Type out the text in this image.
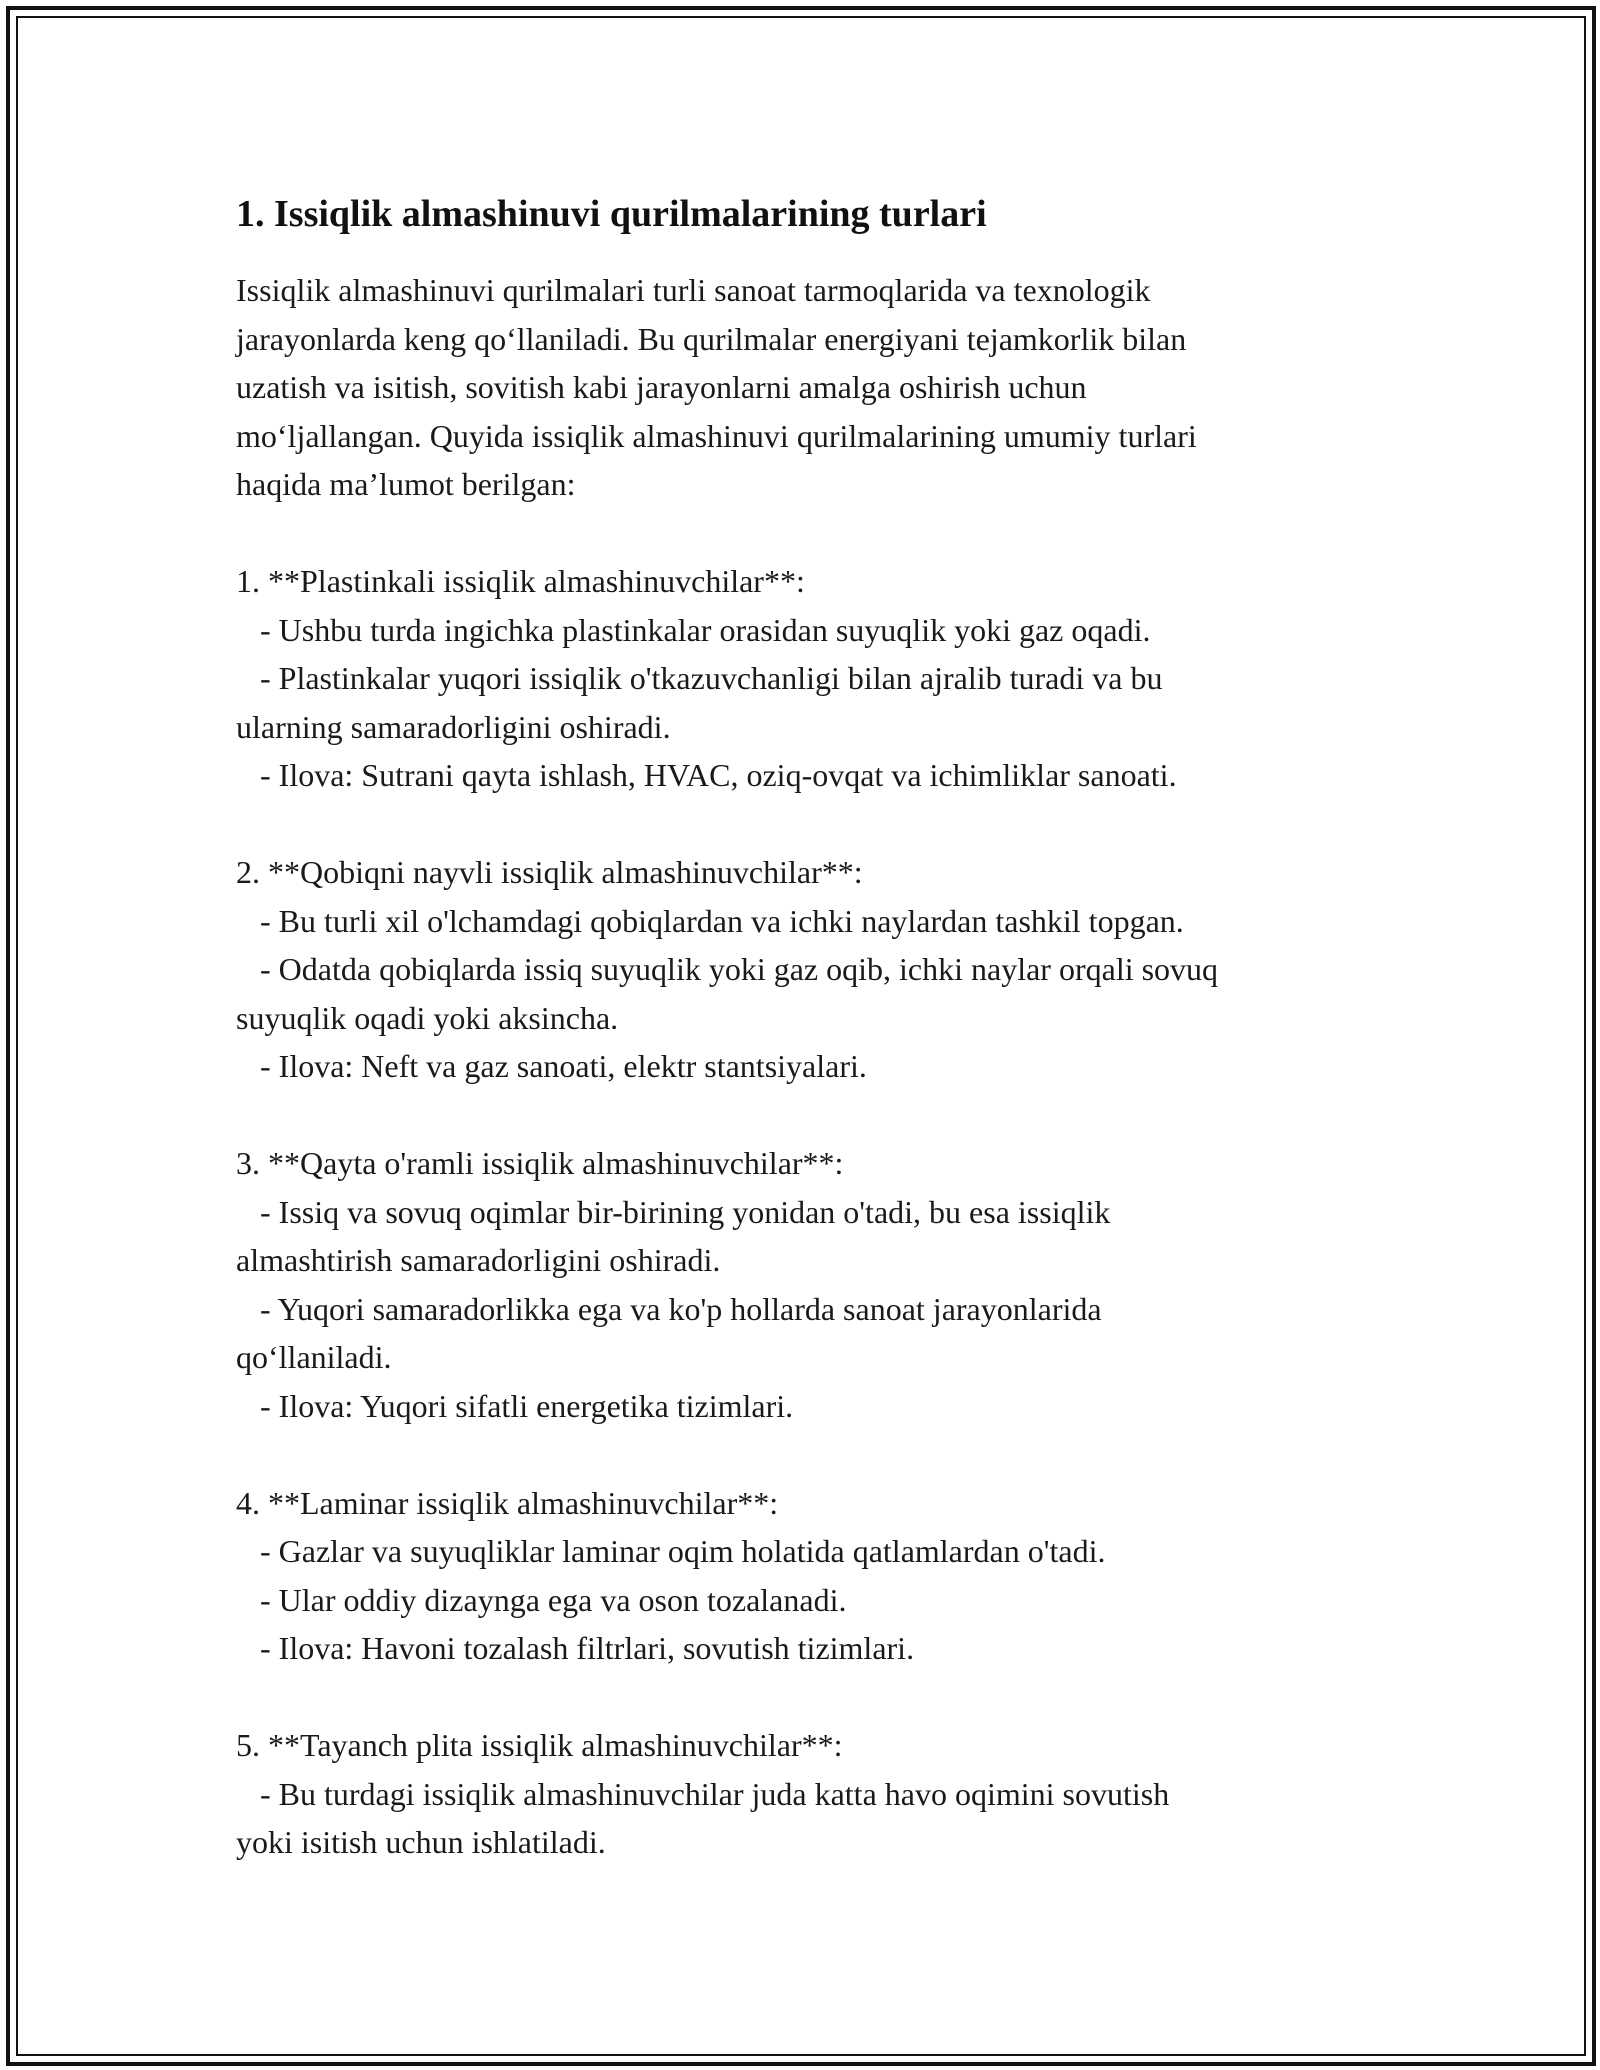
1. Issiqlik almashinuvi qurilmalarining turlari
Issiqlik almashinuvi qurilmalari turli sanoat tarmoqlarida va texnologik
jarayonlarda keng qo‘llaniladi. Bu qurilmalar energiyani tejamkorlik bilan
uzatish va isitish, sovitish kabi jarayonlarni amalga oshirish uchun
mo‘ljallangan. Quyida issiqlik almashinuvi qurilmalarining umumiy turlari
haqida ma’lumot berilgan:
1. **Plastinkali issiqlik almashinuvchilar**:
- Ushbu turda ingichka plastinkalar orasidan suyuqlik yoki gaz oqadi.
- Plastinkalar yuqori issiqlik o'tkazuvchanligi bilan ajralib turadi va bu
ularning samaradorligini oshiradi.
- Ilova: Sutrani qayta ishlash, HVAC, oziq-ovqat va ichimliklar sanoati.
2. **Qobiqni nayvli issiqlik almashinuvchilar**:
- Bu turli xil o'lchamdagi qobiqlardan va ichki naylardan tashkil topgan.
- Odatda qobiqlarda issiq suyuqlik yoki gaz oqib, ichki naylar orqali sovuq
suyuqlik oqadi yoki aksincha.
- Ilova: Neft va gaz sanoati, elektr stantsiyalari.
3. **Qayta o'ramli issiqlik almashinuvchilar**:
- Issiq va sovuq oqimlar bir-birining yonidan o'tadi, bu esa issiqlik
almashtirish samaradorligini oshiradi.
- Yuqori samaradorlikka ega va ko'p hollarda sanoat jarayonlarida
qo‘llaniladi.
- Ilova: Yuqori sifatli energetika tizimlari.
4. **Laminar issiqlik almashinuvchilar**:
- Gazlar va suyuqliklar laminar oqim holatida qatlamlardan o'tadi.
- Ular oddiy dizaynga ega va oson tozalanadi.
- Ilova: Havoni tozalash filtrlari, sovutish tizimlari.
5. **Tayanch plita issiqlik almashinuvchilar**:
- Bu turdagi issiqlik almashinuvchilar juda katta havo oqimini sovutish
yoki isitish uchun ishlatiladi.
